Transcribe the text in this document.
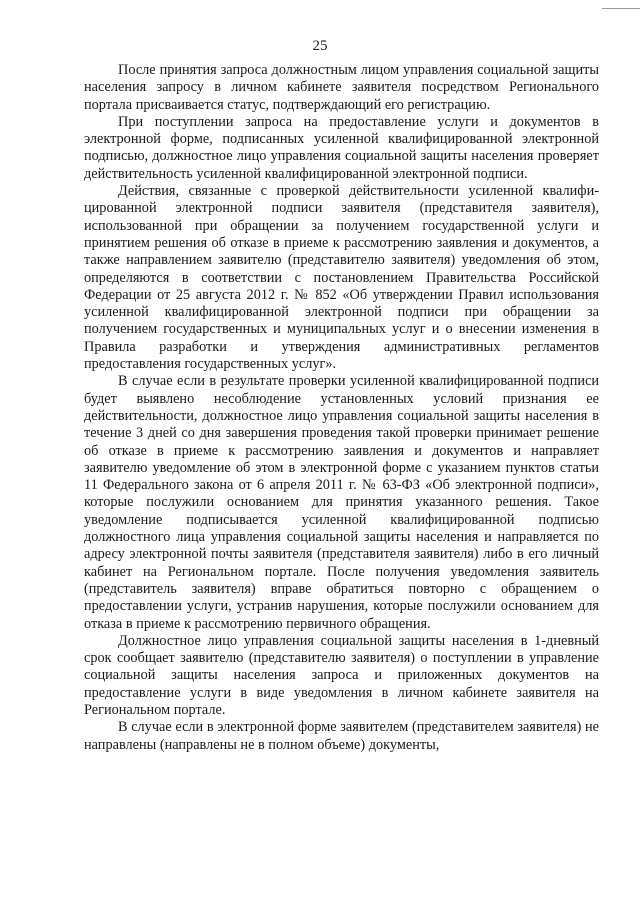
25

После принятия запроса должностным лицом управления социальной защиты населения запросу в личном кабинете заявителя посредством Регионального портала присваивается статус, подтверждающий его регистрацию.

При поступлении запроса на предоставление услуги и документов в электронной форме, подписанных усиленной квалифицированной электронной подписью, должностное лицо управления социальной защиты населения проверяет действительность усиленной квалифицированной электронной подписи.

Действия, связанные с проверкой действительности усиленной квалифицированной электронной подписи заявителя (представителя заявителя), использованной при обращении за получением государственной услуги и принятием решения об отказе в приеме к рассмотрению заявления и документов, а также направлением заявителю (представителю заявителя) уведомления об этом, определяются в соответствии с постановлением Правительства Российской Федерации от 25 августа 2012 г. № 852 «Об утверждении Правил использования усиленной квалифицированной электронной подписи при обращении за получением государственных и муниципальных услуг и о внесении изменения в Правила разработки и утверждения административных регламентов предоставления государственных услуг».

В случае если в результате проверки усиленной квалифицированной подписи будет выявлено несоблюдение установленных условий признания ее действительности, должностное лицо управления социальной защиты населения в течение 3 дней со дня завершения проведения такой проверки принимает решение об отказе в приеме к рассмотрению заявления и документов и направляет заявителю уведомление об этом в электронной форме с указанием пунктов статьи 11 Федерального закона от 6 апреля 2011 г. № 63-ФЗ «Об электронной подписи», которые послужили основанием для принятия указанного решения. Такое уведомление подписывается усиленной квалифицированной подписью должностного лица управления социальной защиты населения и направляется по адресу электронной почты заявителя (представителя заявителя) либо в его личный кабинет на Региональном портале. После получения уведомления заявитель (представитель заявителя) вправе обратиться повторно с обращением о предоставлении услуги, устранив нарушения, которые послужили основанием для отказа в приеме к рассмотрению первичного обращения.

Должностное лицо управления социальной защиты населения в 1-дневный срок сообщает заявителю (представителю заявителя) о поступлении в управление социальной защиты населения запроса и приложенных документов на предоставление услуги в виде уведомления в личном кабинете заявителя на Региональном портале.

В случае если в электронной форме заявителем (представителем заявителя) не направлены (направлены не в полном объеме) документы,
